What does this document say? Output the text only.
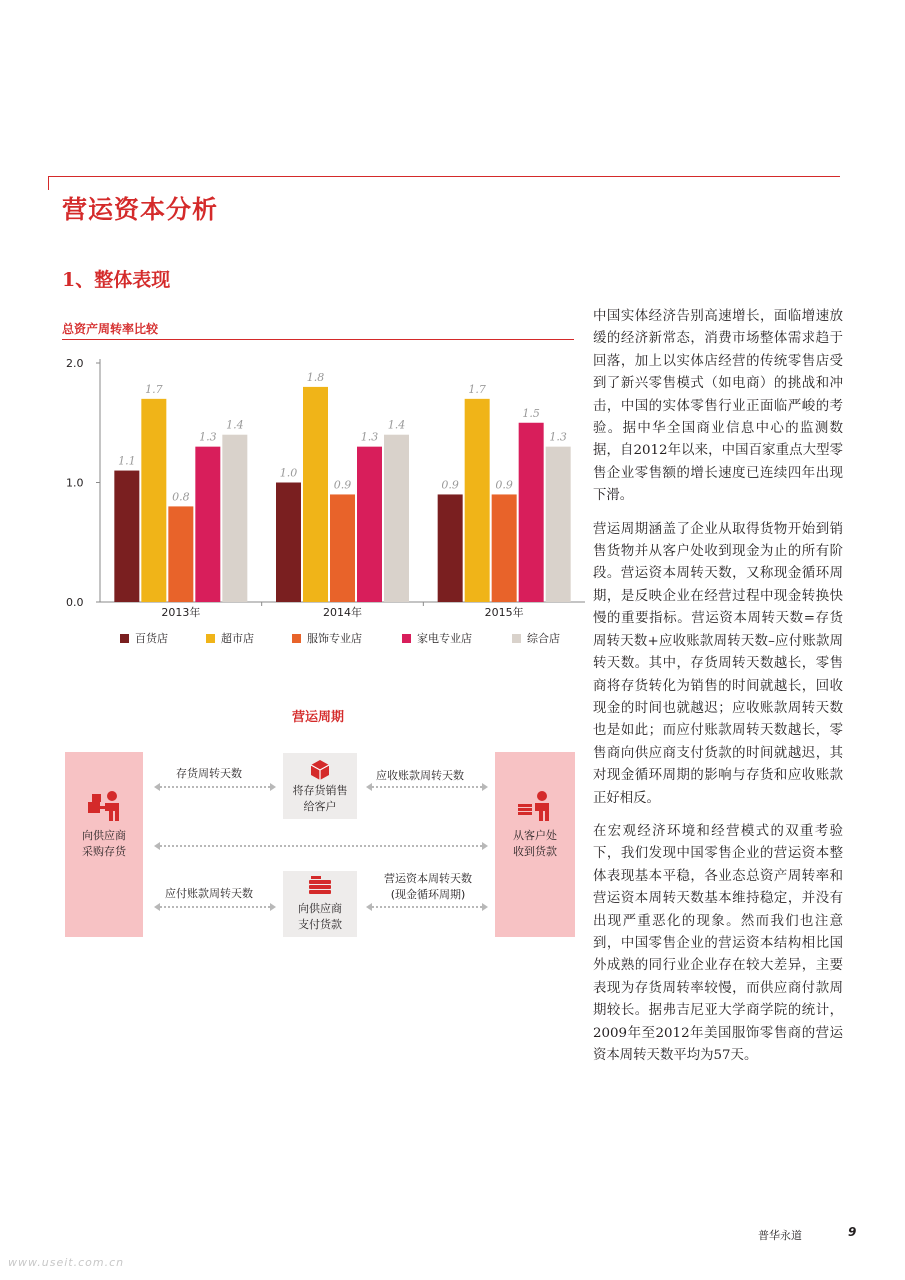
营运资本分析
1、整体表现
总资产周转率比较
0.0
1.0
2.0
1.1
1.7
0.8
1.3
1.4
2013年
1.0
1.8
0.9
1.3
1.4
2014年
0.9
1.7
0.9
1.5
1.3
2015年
百货店	超市店	服饰专业店	家电专业店	综合店
营运周期
向供应商
采购存货
从客户处
收到货款
将存货销售
给客户
向供应商
支付货款
存货周转天数	应收账款周转天数
应付账款周转天数
营运资本周转天数
(现金循环周期)

中国实体经济告别高速增长，面临增速放缓的经济新常态，消费市场整体需求趋于回落，加上以实体店经营的传统零售店受到了新兴零售模式（如电商）的挑战和冲击，中国的实体零售行业正面临严峻的考验。据中华全国商业信息中心的监测数据，自2012年以来，中国百家重点大型零售企业零售额的增长速度已连续四年出现下滑。

营运周期涵盖了企业从取得货物开始到销售货物并从客户处收到现金为止的所有阶段。营运资本周转天数，又称现金循环周期，是反映企业在经营过程中现金转换快慢的重要指标。营运资本周转天数=存货周转天数+应收账款周转天数–应付账款周转天数。其中，存货周转天数越长，零售商将存货转化为销售的时间就越长，回收现金的时间也就越迟；应收账款周转天数也是如此；而应付账款周转天数越长，零售商向供应商支付货款的时间就越迟，其对现金循环周期的影响与存货和应收账款正好相反。

在宏观经济环境和经营模式的双重考验下，我们发现中国零售企业的营运资本整体表现基本平稳，各业态总资产周转率和营运资本周转天数基本维持稳定，并没有出现严重恶化的现象。然而我们也注意到，中国零售企业的营运资本结构相比国外成熟的同行业企业存在较大差异，主要表现为存货周转率较慢，而供应商付款周期较长。据弗吉尼亚大学商学院的统计，2009年至2012年美国服饰零售商的营运资本周转天数平均为57天。

普华永道	9
www.useit.com.cn
